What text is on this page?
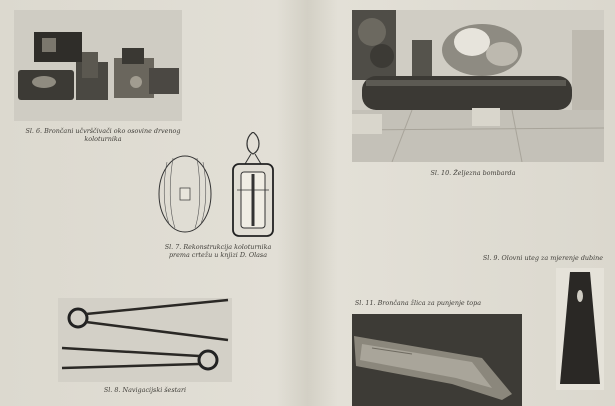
Sl. 6. Brončani učvrščivači oko osovine drvenog
koloturnika
Sl. 7. Rekonstrukcija koloturnika
prema crtežu u knjizi D. Olasa
Sl. 8. Navigacijski šestari
Sl. 10. Željezna bombarda
Sl. 9. Olovni uteg za mjerenje dubine
Sl. 11. Brončana žlica za punjenje topa
